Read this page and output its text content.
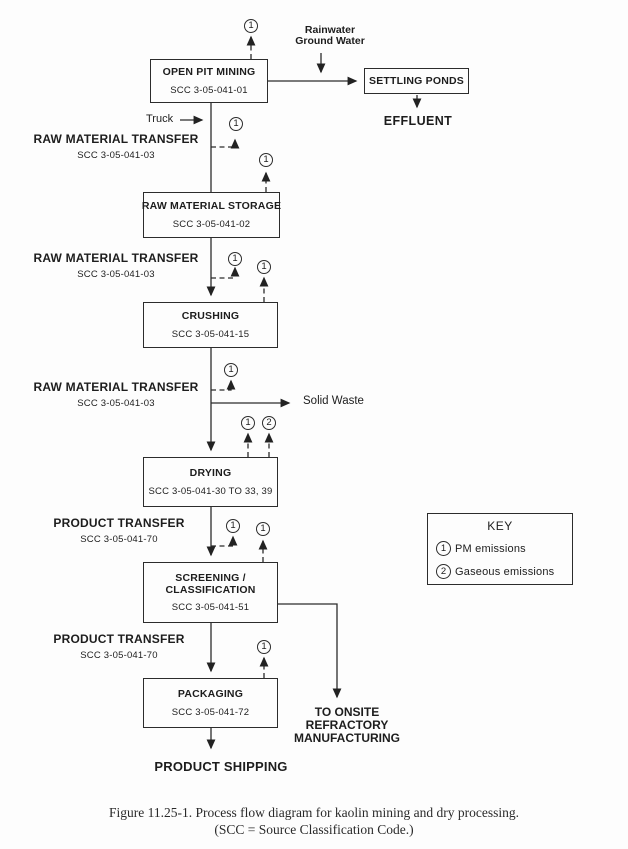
OPEN PIT MINING
SCC 3-05-041-01
SETTLING PONDS
RAW MATERIAL STORAGE
SCC 3-05-041-02
CRUSHING
SCC 3-05-041-15
DRYING
SCC 3-05-041-30 TO 33, 39
SCREENING /
CLASSIFICATION
SCC 3-05-041-51
PACKAGING
SCC 3-05-041-72
Rainwater
Ground Water
Truck	EFFLUENT
Solid Waste
PRODUCT SHIPPING
TO ONSITE
REFRACTORY
MANUFACTURING
RAW MATERIAL TRANSFER
SCC 3-05-041-03
RAW MATERIAL TRANSFER
SCC 3-05-041-03
RAW MATERIAL TRANSFER
SCC 3-05-041-03
PRODUCT TRANSFER
SCC 3-05-041-70
PRODUCT TRANSFER
SCC 3-05-041-70
1
1
1
1
1
1
1	2
1	1
1
KEY
1 PM emissions
2 Gaseous emissions
Figure 11.25-1. Process flow diagram for kaolin mining and dry processing.
(SCC = Source Classification Code.)
